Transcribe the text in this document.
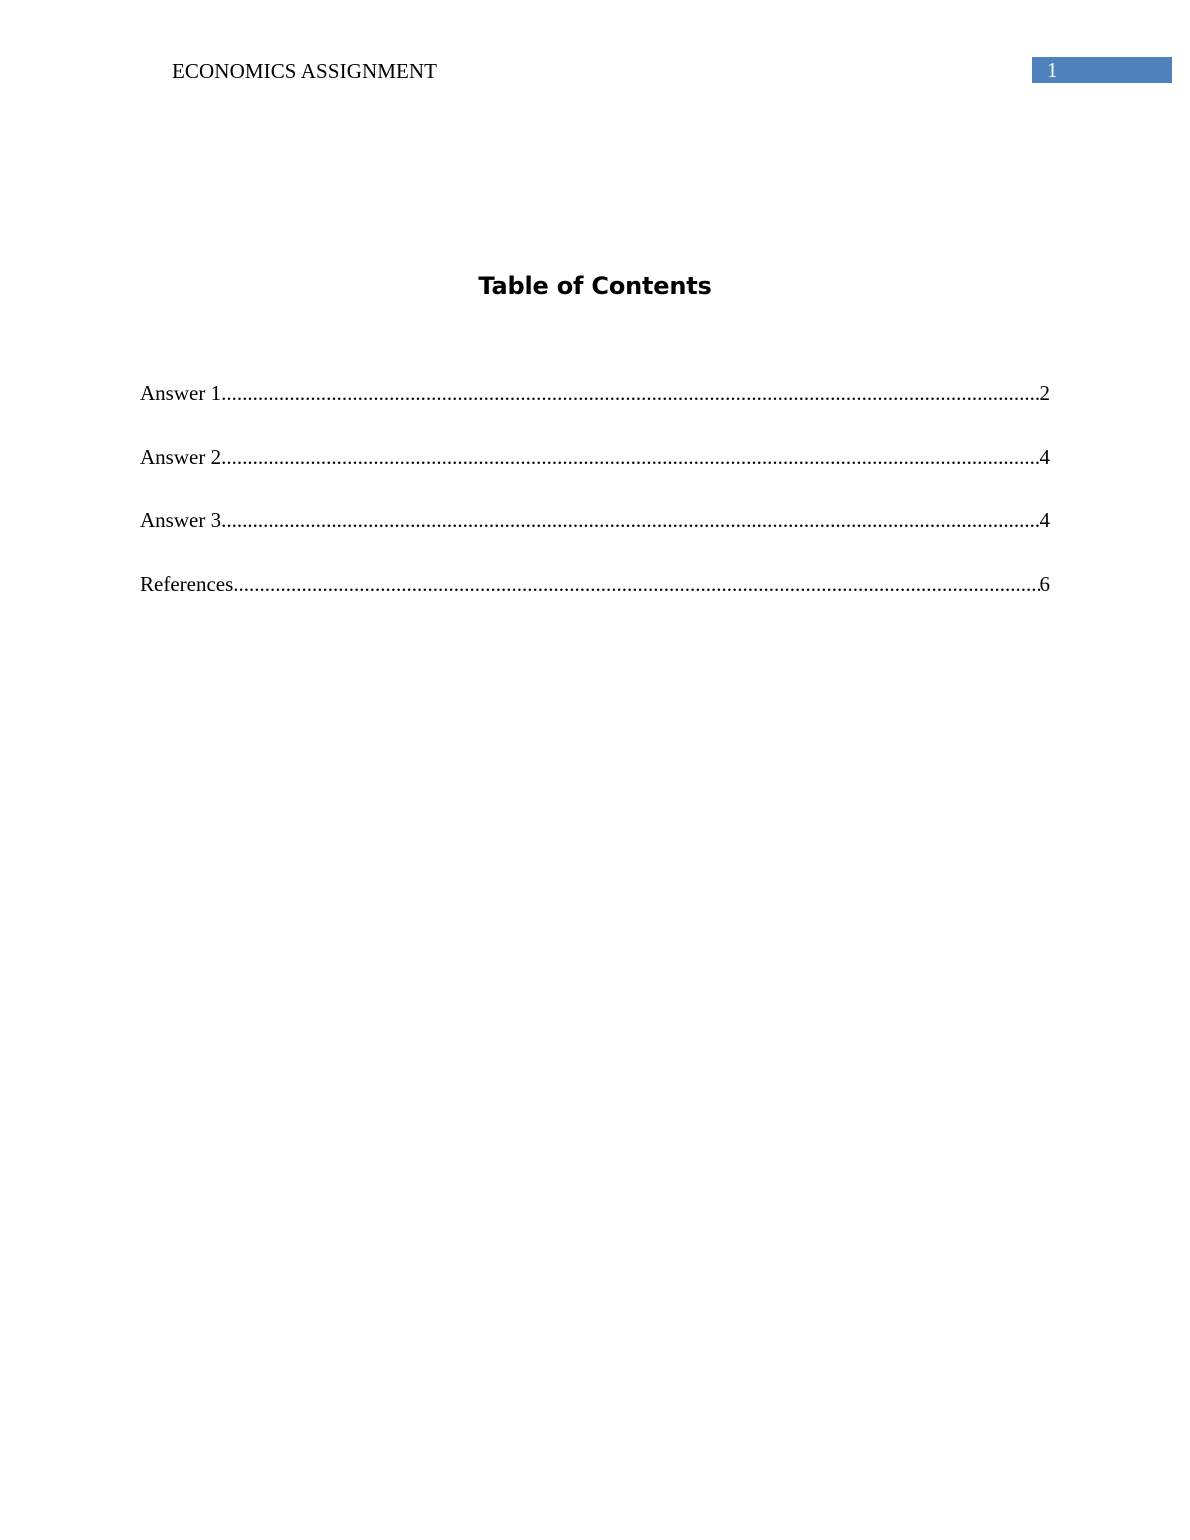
ECONOMICS ASSIGNMENT	1
Table of Contents
Answer 1 .....	2
Answer 2 .....	4
Answer 3 .....	4
References .....	6
